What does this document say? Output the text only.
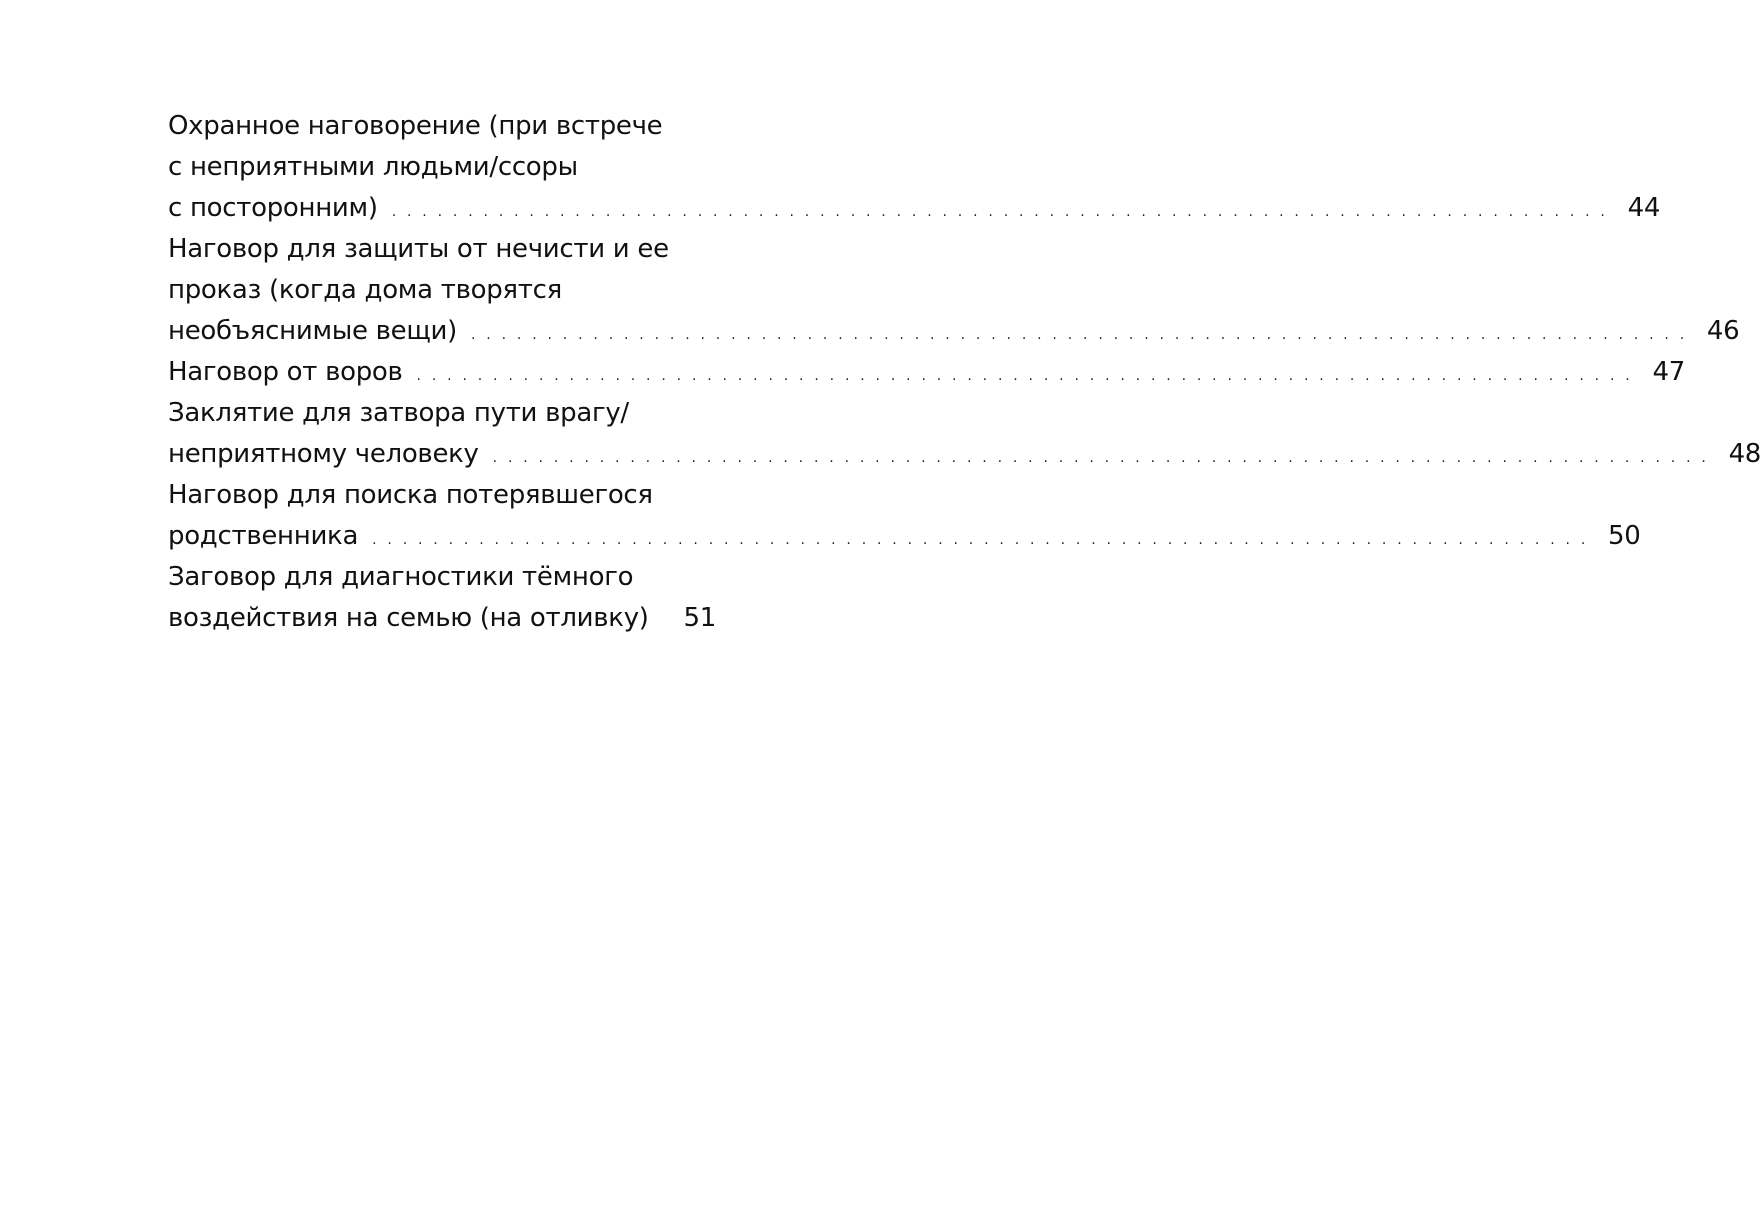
Охранное наговорение (при встрече
с неприятными людьми/ссоры
с посторонним) . . . . . . . . . . . . . . . . . . . . . . . . . . . . . . . . . . . . . . . . . . . . . . . . . . . . . . . . . . . . . . . . . . . . . . . . . . . . . . . . 44
Наговор для защиты от нечисти и ее
проказ (когда дома творятся
необъяснимые вещи) . . . . . . . . . . . . . . . . . . . . . . . . . . . . . . . . . . . . . . . . . . . . . . . . . . . . . . . . . . . . . . . . . . . . . . . . . . . . . . . . 46
Наговор от воров . . . . . . . . . . . . . . . . . . . . . . . . . . . . . . . . . . . . . . . . . . . . . . . . . . . . . . . . . . . . . . . . . . . . . . . . . . . . . . . . 47
Заклятие для затвора пути врагу/
неприятному человеку . . . . . . . . . . . . . . . . . . . . . . . . . . . . . . . . . . . . . . . . . . . . . . . . . . . . . . . . . . . . . . . . . . . . . . . . . . . . . . . . 48
Наговор для поиска потерявшегося
родственника . . . . . . . . . . . . . . . . . . . . . . . . . . . . . . . . . . . . . . . . . . . . . . . . . . . . . . . . . . . . . . . . . . . . . . . . . . . . . . . . 50
Заговор для диагностики тёмного
воздействия на семью (на отливку) 51
